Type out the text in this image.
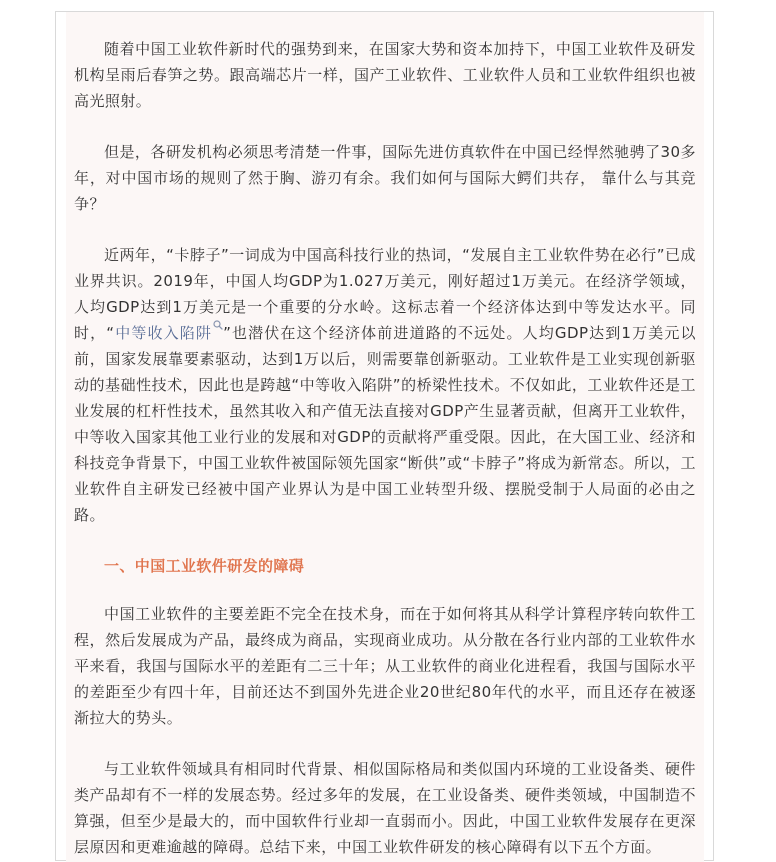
随着中国工业软件新时代的强势到来，在国家大势和资本加持下，中国工业软件及研发机构呈雨后春笋之势。跟高端芯片一样，国产工业软件、工业软件人员和工业软件组织也被高光照射。

但是，各研发机构必须思考清楚一件事，国际先进仿真软件在中国已经悍然驰骋了30多年，对中国市场的规则了然于胸、游刃有余。我们如何与国际大鳄们共存， 靠什么与其竞争？

近两年，“卡脖子”一词成为中国高科技行业的热词，“发展自主工业软件势在必行”已成业界共识。2019年，中国人均GDP为1.027万美元，刚好超过1万美元。在经济学领域，人均GDP达到1万美元是一个重要的分水岭。这标志着一个经济体达到中等发达水平。同时，“中等收入陷阱 ”也潜伏在这个经济体前进道路的不远处。人均GDP达到1万美元以前，国家发展靠要素驱动，达到1万以后，则需要靠创新驱动。工业软件是工业实现创新驱动的基础性技术，因此也是跨越“中等收入陷阱”的桥梁性技术。不仅如此，工业软件还是工业发展的杠杆性技术，虽然其收入和产值无法直接对GDP产生显著贡献，但离开工业软件，中等收入国家其他工业行业的发展和对GDP的贡献将严重受限。因此，在大国工业、经济和科技竞争背景下，中国工业软件被国际领先国家“断供”或“卡脖子”将成为新常态。所以，工业软件自主研发已经被中国产业界认为是中国工业转型升级、摆脱受制于人局面的必由之路。

一、中国工业软件研发的障碍

中国工业软件的主要差距不完全在技术身，而在于如何将其从科学计算程序转向软件工程，然后发展成为产品，最终成为商品，实现商业成功。从分散在各行业内部的工业软件水平来看，我国与国际水平的差距有二三十年；从工业软件的商业化进程看，我国与国际水平的差距至少有四十年，目前还达不到国外先进企业20世纪80年代的水平，而且还存在被逐渐拉大的势头。

与工业软件领域具有相同时代背景、相似国际格局和类似国内环境的工业设备类、硬件类产品却有不一样的发展态势。经过多年的发展，在工业设备类、硬件类领域，中国制造不算强，但至少是最大的，而中国软件行业却一直弱而小。因此，中国工业软件发展存在更深层原因和更难逾越的障碍。总结下来，中国工业软件研发的核心障碍有以下五个方面。
